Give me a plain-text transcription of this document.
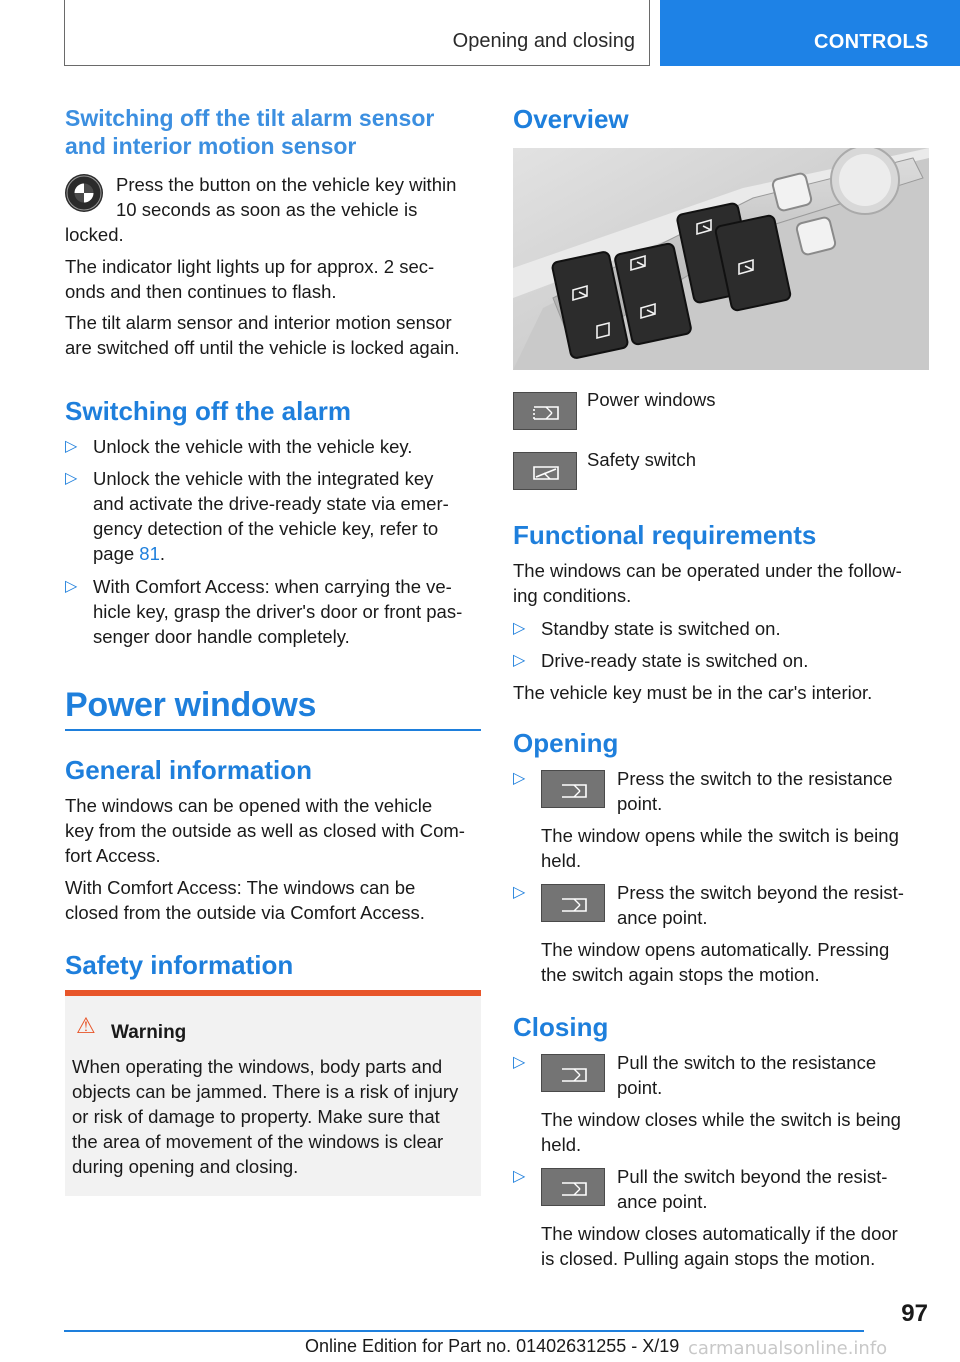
Opening and closing	CONTROLS
Switching off the tilt alarm sensor
and interior motion sensor
Press the button on the vehicle key within
10 seconds as soon as the vehicle is
locked.
The indicator light lights up for approx. 2 sec-
onds and then continues to flash.
The tilt alarm sensor and interior motion sensor
are switched off until the vehicle is locked again.
Switching off the alarm
▷ Unlock the vehicle with the vehicle key.
▷ Unlock the vehicle with the integrated key
and activate the drive-ready state via emer-
gency detection of the vehicle key, refer to
page 81.
▷ With Comfort Access: when carrying the ve-
hicle key, grasp the driver's door or front pas-
senger door handle completely.
Power windows
General information
The windows can be opened with the vehicle
key from the outside as well as closed with Com-
fort Access.
With Comfort Access: The windows can be
closed from the outside via Comfort Access.
Safety information
⚠ Warning
When operating the windows, body parts and
objects can be jammed. There is a risk of injury
or risk of damage to property. Make sure that
the area of movement of the windows is clear
during opening and closing.
Overview
Power windows
Safety switch
Functional requirements
The windows can be operated under the follow-
ing conditions.
▷ Standby state is switched on.
▷ Drive-ready state is switched on.
The vehicle key must be in the car's interior.
Opening
▷	Press the switch to the resistance
point.
The window opens while the switch is being
held.
▷	Press the switch beyond the resist-
ance point.
The window opens automatically. Pressing
the switch again stops the motion.
Closing
▷	Pull the switch to the resistance
point.
The window closes while the switch is being
held.
▷	Pull the switch beyond the resist-
ance point.
The window closes automatically if the door
is closed. Pulling again stops the motion.
97
Online Edition for Part no. 01402631255 - X/19 carmanualsonline.info
